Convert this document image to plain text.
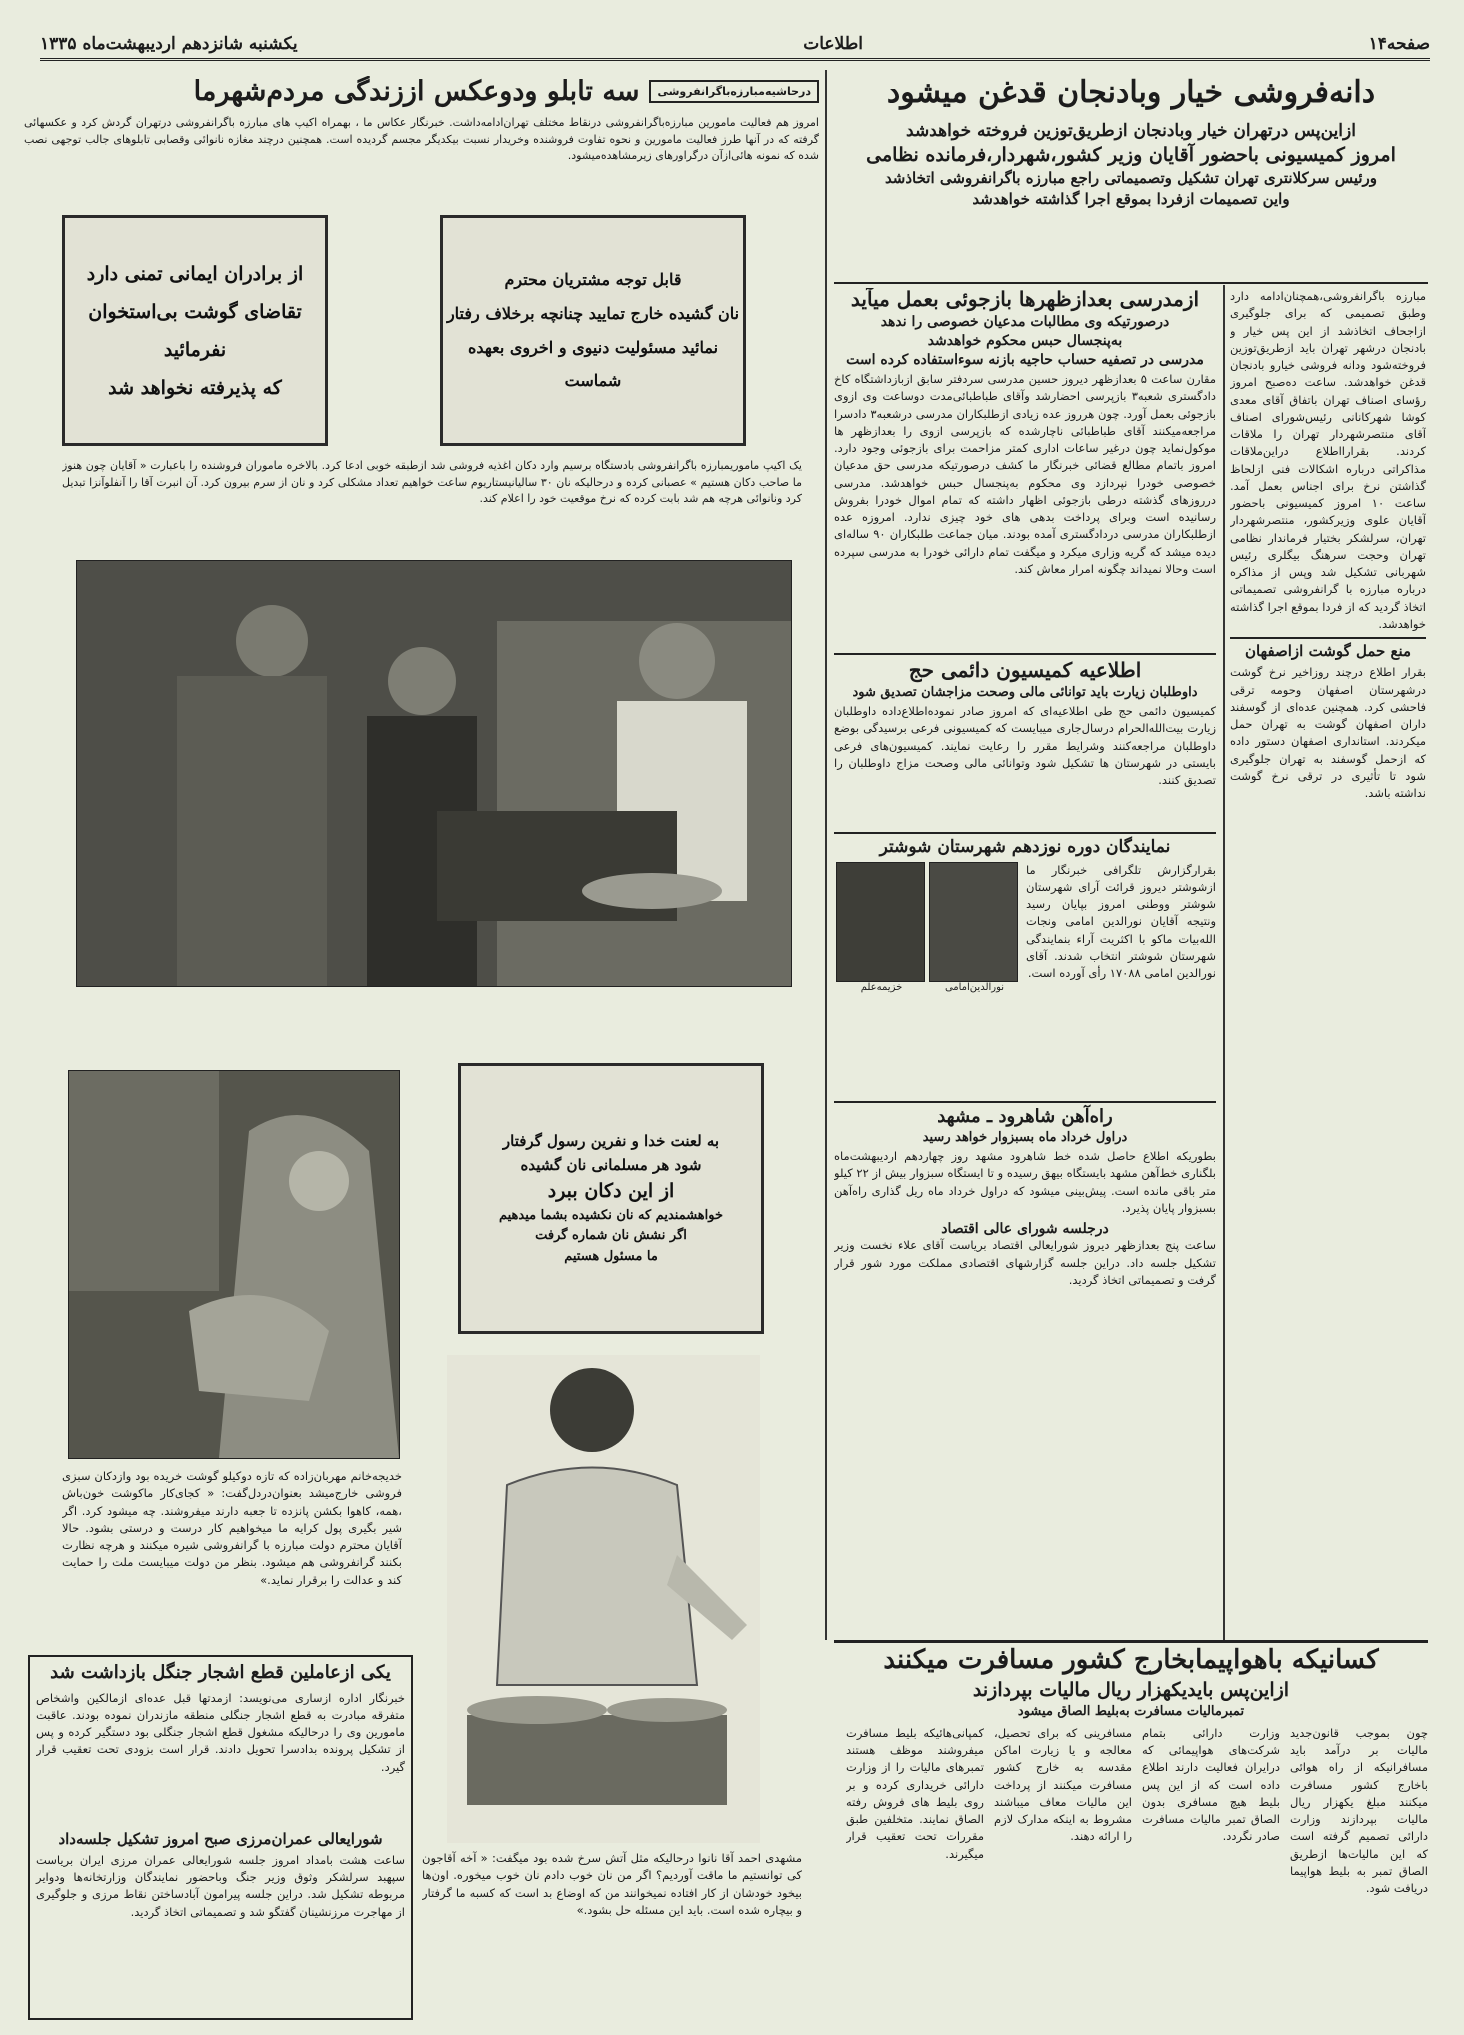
صفحه۱۴
اطلاعات
یکشنبه شانزدهم اردیبهشت‌ماه ۱۳۳۵
دانه‌فروشی خیار وبادنجان قدغن میشود
ازاین‌پس درتهران خیار وبادنجان ازطریق‌توزین فروخته خواهدشد
امروز کمیسیونی باحضور آقایان وزیر کشور،شهردار،فرمانده نظامی
ورئیس سرکلانتری تهران تشکیل وتصمیماتی راجع مبارزه باگرانفروشی اتخاذشد
واین تصمیمات ازفردا بموقع اجرا گذاشته خواهدشد

مبارزه باگرانفروشی،همچنان‌ادامه دارد وطبق تصمیمی که برای جلوگیری ازاجحاف اتخاذشد از این پس خیار و بادنجان درشهر تهران باید ازطریق‌توزین فروخته‌شود ودانه فروشی خیارو بادنجان قدغن خواهدشد. ساعت ده‌صبح امروز رؤسای اصناف تهران باتفاق آقای معدی کوشا شهرکانانی رئیس‌شورای اصناف آقای منتصرشهردار تهران را ملاقات کردند. بقرارااطلاع دراین‌ملاقات مذاکراتی درباره اشکالات فنی ازلحاظ گذاشتن نرخ برای اجناس بعمل آمد. ساعت ۱۰ امروز کمیسیونی باحضور آقایان علوی وزیرکشور، منتصرشهردار تهران، سرلشکر بختیار فرماندار نظامی تهران وحجت سرهنگ بیگلری رئیس شهربانی تشکیل شد وپس از مذاکره درباره مبارزه با گرانفروشی تصمیماتی اتخاذ گردید که از فردا بموقع اجرا گذاشته خواهدشد.

منع حمل گوشت ازاصفهان

بقرار اطلاع درچند روزاخیر نرخ گوشت درشهرستان اصفهان وحومه ترقی فاحشی کرد. همچنین عده‌ای از گوسفند داران اصفهان گوشت به تهران حمل میکردند. استانداری اصفهان دستور داده که ازحمل گوسفند به تهران جلوگیری شود تا تأثیری در ترقی نرخ گوشت نداشته باشد.

ازمدرسی بعدازظهرها بازجوئی بعمل میآید
درصورتیکه وی مطالبات مدعیان خصوصی را ندهد
به‌پنجسال حبس محکوم خواهدشد
مدرسی در تصفیه حساب حاجیه بازنه سوءاستفاده کرده است

مقارن ساعت ۵ بعدازظهر دیروز حسین مدرسی سردفتر سابق ازبازداشتگاه کاخ دادگستری شعبه۳ بازپرسی احضارشد وآقای طباطبائی‌مدت دوساعت وی ازوی بازجوئی بعمل آورد. چون هرروز عده زیادی ازطلبکاران مدرسی درشعبه۳ دادسرا مراجعه‌میکنند آقای طباطبائی ناچارشده که بازپرسی ازوی را بعدازظهر ها موکول‌نماید چون درغیر ساعات اداری کمتر مزاحمت برای بازجوئی وجود دارد. امروز باتمام مطالع قضائی خبرنگار ما کشف درصورتیکه مدرسی حق مدعیان خصوصی خودرا نپردازد وی محکوم به‌پنجسال حبس خواهدشد. مدرسی درروزهای گذشته درطی بازجوئی اظهار داشته که تمام اموال خودرا بفروش رسانیده است وبرای پرداخت بدهی های خود چیزی ندارد. امروزه عده ازطلبکاران مدرسی دردادگستری آمده بودند. میان جماعت طلبکاران ۹۰ ساله‌ای دیده میشد که گریه وزاری میکرد و میگفت تمام دارائی خودرا به مدرسی سپرده است وحالا نمیداند چگونه امرار معاش کند.

اطلاعیه کمیسیون دائمی حج
داوطلبان زیارت باید توانائی مالی وصحت مزاجشان تصدیق شود

کمیسیون دائمی حج طی اطلاعیه‌ای که امروز صادر نموده‌اطلاع‌داده داوطلبان زیارت بیت‌الله‌الحرام درسال‌جاری میبایست که کمیسیونی فرعی برسیدگی بوضع داوطلبان مراجعه‌کنند وشرایط مقرر را رعایت نمایند. کمیسیون‌های فرعی بایستی در شهرستان ها تشکیل شود وتوانائی مالی وصحت مزاج داوطلبان را تصدیق کنند.

نمایندگان دوره نوزدهم شهرستان شوشتر

بقرارگزارش تلگرافی خبرنگار ما ازشوشتر دیروز قرائت آرای شهرستان شوشتر ووطنی امروز بپایان رسید ونتیجه آقایان نورالدین امامی ونجات الله‌بیات ماکو با اکثریت آراء بنمایندگی شهرستان شوشتر انتخاب شدند. آقای نورالدین امامی ۱۷۰۸۸ رأی آورده است.

نورالدین‌امامی
خزیمه‌علم
راه‌آهن شاهرود ـ مشهد
دراول خرداد ماه بسبزوار خواهد رسید

بطوریکه اطلاع حاصل شده خط شاهرود مشهد روز چهاردهم اردیبهشت‌ماه بلگناری خط‌آهن مشهد بایستگاه بیهق رسیده و تا ایستگاه سبزوار بیش از ۲۲ کیلو متر باقی مانده است. پیش‌بینی میشود که دراول خرداد ماه ریل گذاری راه‌آهن بسبزوار پایان پذیرد.

درجلسه شورای عالی اقتصاد

ساعت پنج بعدازظهر دیروز شورایعالی اقتصاد بریاست آقای علاء نخست وزیر تشکیل جلسه داد. دراین جلسه گزارشهای اقتصادی مملکت مورد شور قرار گرفت و تصمیماتی اتخاذ گردید.

کسانیکه باهواپیمابخارج کشور مسافرت میکنند
ازاین‌پس بایدیکهزار ریال مالیات بپردازند
تمبرمالیات مسافرت به‌بلیط الصاق میشود

چون بموجب قانون‌جدید مالیات بر درآمد باید مسافرانیکه از راه هوائی باخارج کشور مسافرت میکنند مبلغ یکهزار ریال مالیات بپردازند وزارت دارائی تصمیم گرفته است که این مالیات‌ها ازطریق الصاق تمبر به بلیط هواپیما دریافت شود.

وزارت دارائی بتمام شرکت‌های هواپیمائی که درایران فعالیت دارند اطلاع داده است که از این پس بلیط هیچ مسافری بدون الصاق تمبر مالیات مسافرت صادر نگردد.

مسافرینی که برای تحصیل، معالجه و یا زیارت اماکن مقدسه به خارج کشور مسافرت میکنند از پرداخت این مالیات معاف میباشند مشروط به اینکه مدارک لازم را ارائه دهند.

کمپانی‌هائیکه بلیط مسافرت میفروشند موظف هستند تمبرهای مالیات را از وزارت دارائی خریداری کرده و بر روی بلیط های فروش رفته الصاق نمایند. متخلفین طبق مقررات تحت تعقیب قرار میگیرند.

درحاشیه‌مبارزه‌باگرانفروشی
سه تابلو ودوعکس اززندگی مردم‌شهرما

امروز هم فعالیت مامورین مبارزه‌باگرانفروشی درنقاط مختلف تهران‌ادامه‌داشت. خبرنگار عکاس ما ، بهمراه اکیپ های مبارزه‌ باگرانفروشی درتهران گردش کرد و عکسهائی گرفته که در آنها طرز فعالیت مامورین و نحوه تفاوت فروشنده وخریدار نسبت بیکدیگر مجسم گردیده است. همچنین درچند مغازه نانوائی وقصابی تابلوهای جالب توجهی نصب شده که نمونه هائی‌ازآن درگراورهای زیرمشاهده‌میشود.

از برادران ایمانی تمنی دارد
تقاضای گوشت بی‌استخوان نفرمائید
که پذیرفته نخواهد شد
قابل توجه مشتریان محترم
نان گشیده خارج تمایید چنانچه برخلاف رفتار
نمائید مسئولیت دنیوی و اخروی بعهده شماست
یک اکیپ ماموریمبارزه باگرانفروشی بادستگاه برسیم وارد دکان اغذیه فروشی شد ازطبقه خوبی ادعا کرد. بالاخره ماموران فروشنده را باعبارت « آقایان چون هنوز ما صاحب دکان هستیم » عصبانی کرده و درحالیکه نان ۳۰ سالیانیستاریوم ساعت خواهیم تعداد مشکلی کرد و نان از سرم بیرون کرد. آن انبرت آقا را آنفلوآنزا تبدیل کرد ونانوائی هرچه هم شد بابت کرده که نرخ موقعیت خود را اعلام کند.
خدیجه‌خانم مهربان‌زاده که تازه دوکیلو گوشت خریده بود وازدکان سبزی فروشی خارج‌میشد بعنوان‌دردل‌گفت: « کجای‌کار ماکوشت خون‌باش ،همه، کاهوا بکشن پانزده تا جعبه دارند میفروشند. چه میشود کرد. اگر شیر بگیری پول کرایه ما میخواهیم کار درست و درستی بشود. حالا آقایان محترم دولت مبارزه با گرانفروشی شیره میکنند و هرچه نظارت بکنند گرانفروشی هم میشود. بنظر من دولت میبایست ملت را حمایت کند و عدالت را برقرار نماید.»
به لعنت خدا و نفرین رسول گرفتار
شود هر مسلمانی نان گشیده
از این دکان ببرد
خواهشمندیم که نان نکشیده بشما میدهیم
اگر نشش نان شماره گرفت
ما مسئول هستیم
مشهدی احمد آقا نانوا درحالیکه مثل آتش سرخ شده بود میگفت: « آخه آقاجون کی توانستیم‌ ما ماقت آوردیم؟ ‌اگر‌ من نان خوب دادم نان خوب میخوره. اون‌ها بیخود خودشان از کار افتاده نمیخوانند من که اوضاع بد است که کسبه ما گرفتار و بیچاره شده است. باید این مسئله حل بشود.»
یکی ازعاملین قطع اشجار جنگل بازداشت شد

خبرنگار اداره ازساری می‌نویسد: ازمدتها قبل عده‌ای ازمالکین واشخاص متفرقه مبادرت به قطع اشجار جنگلی منطقه مازندران نموده بودند. عاقبت مامورین وی را درحالیکه مشغول قطع اشجار جنگلی بود دستگیر کرده و پس از تشکیل پرونده بدادسرا تحویل دادند. قرار است بزودی تحت تعقیب قرار گیرد.

شورایعالی عمران‌مرزی صبح امروز تشکیل جلسه‌داد

ساعت هشت بامداد امروز جلسه شورایعالی عمران مرزی ایران بریاست سپهبد سرلشکر وثوق وزیر جنگ وباحضور نمایندگان وزارتخانه‌ها ودوایر مربوطه تشکیل شد. دراین جلسه پیرامون آبادساختن نقاط مرزی و جلوگیری از مهاجرت مرزنشینان گفتگو شد و تصمیماتی اتخاذ گردید.
